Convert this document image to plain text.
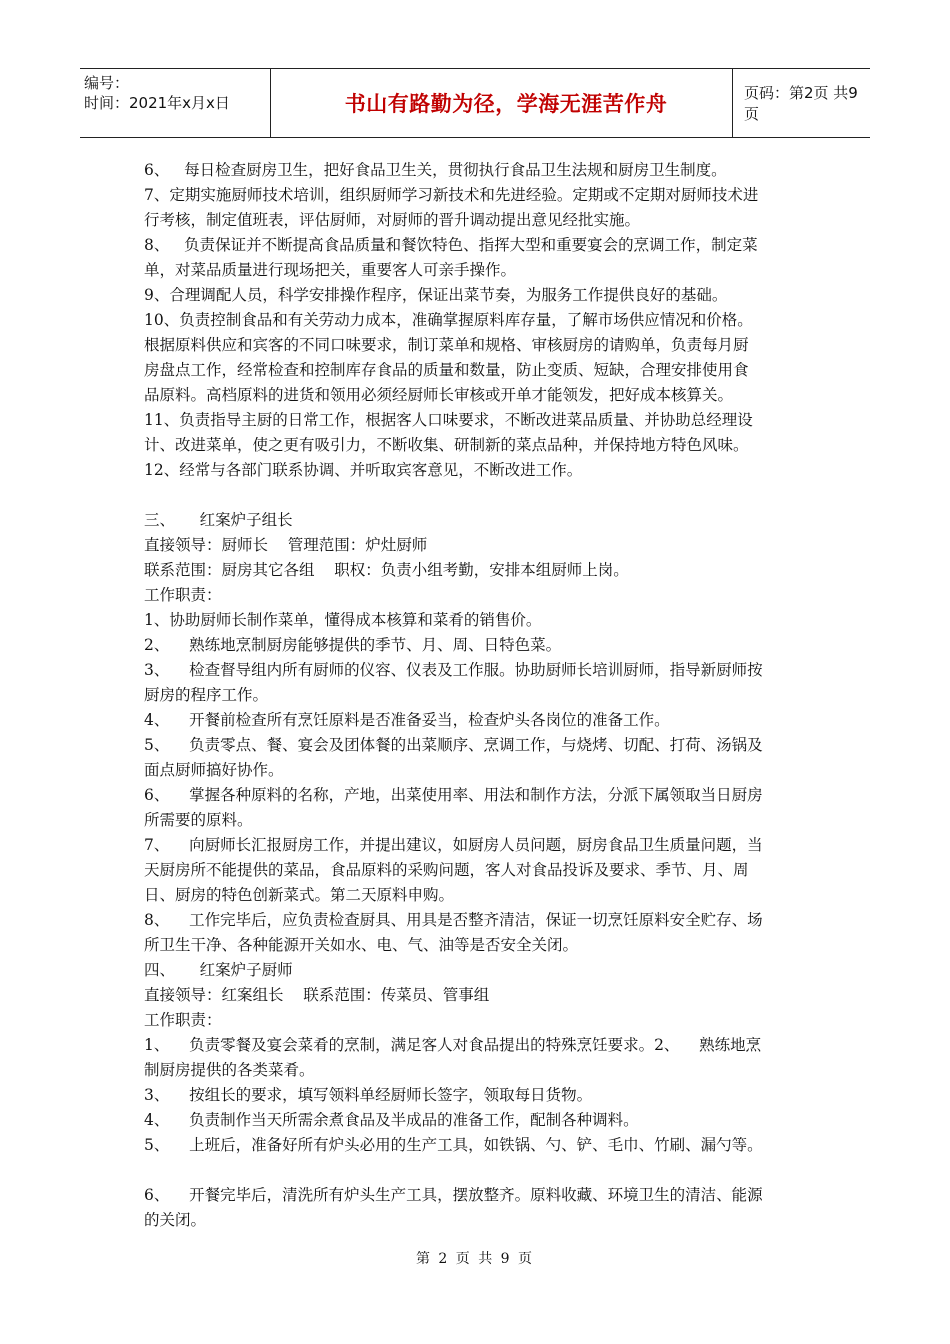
编号：
时间：2021年x月x日	书山有路勤为径，学海无涯苦作舟	页码：第2页 共9页

6、   每日检查厨房卫生，把好食品卫生关，贯彻执行食品卫生法规和厨房卫生制度。

7、定期实施厨师技术培训，组织厨师学习新技术和先进经验。定期或不定期对厨师技术进

行考核，制定值班表，评估厨师，对厨师的晋升调动提出意见经批实施。

8、   负责保证并不断提高食品质量和餐饮特色、指挥大型和重要宴会的烹调工作，制定菜

单，对菜品质量进行现场把关，重要客人可亲手操作。

9、合理调配人员，科学安排操作程序，保证出菜节奏，为服务工作提供良好的基础。

10、负责控制食品和有关劳动力成本，准确掌握原料库存量，了解市场供应情况和价格。

根据原料供应和宾客的不同口味要求，制订菜单和规格、审核厨房的请购单，负责每月厨

房盘点工作，经常检查和控制库存食品的质量和数量，防止变质、短缺，合理安排使用食

品原料。高档原料的进货和领用必须经厨师长审核或开单才能领发，把好成本核算关。

11、负责指导主厨的日常工作，根据客人口味要求，不断改进菜品质量、并协助总经理设

计、改进菜单，使之更有吸引力，不断收集、研制新的菜点品种，并保持地方特色风味。

12、经常与各部门联系协调、并听取宾客意见，不断改进工作。

三、     红案炉子组长

直接领导：厨师长    管理范围：炉灶厨师

联系范围：厨房其它各组    职权：负责小组考勤，安排本组厨师上岗。

工作职责：

1、协助厨师长制作菜单，懂得成本核算和菜肴的销售价。

2、    熟练地烹制厨房能够提供的季节、月、周、日特色菜。

3、    检查督导组内所有厨师的仪容、仪表及工作服。协助厨师长培训厨师，指导新厨师按

厨房的程序工作。

4、    开餐前检查所有烹饪原料是否准备妥当，检查炉头各岗位的准备工作。

5、    负责零点、餐、宴会及团体餐的出菜顺序、烹调工作，与烧烤、切配、打荷、汤锅及

面点厨师搞好协作。

6、    掌握各种原料的名称，产地，出菜使用率、用法和制作方法，分派下属领取当日厨房

所需要的原料。

7、    向厨师长汇报厨房工作，并提出建议，如厨房人员问题，厨房食品卫生质量问题，当

天厨房所不能提供的菜品，食品原料的采购问题，客人对食品投诉及要求、季节、月、周

日、厨房的特色创新菜式。第二天原料申购。

8、    工作完毕后，应负责检查厨具、用具是否整齐清洁，保证一切烹饪原料安全贮存、场

所卫生干净、各种能源开关如水、电、气、油等是否安全关闭。

四、     红案炉子厨师

直接领导：红案组长    联系范围：传菜员、管事组

工作职责：

1、    负责零餐及宴会菜肴的烹制，满足客人对食品提出的特殊烹饪要求。2、    熟练地烹

制厨房提供的各类菜肴。

3、    按组长的要求，填写领料单经厨师长签字，领取每日货物。

4、    负责制作当天所需余煮食品及半成品的准备工作，配制各种调料。

5、    上班后，准备好所有炉头必用的生产工具，如铁锅、勺、铲、毛巾、竹刷、漏勺等。

6、    开餐完毕后，清洗所有炉头生产工具，摆放整齐。原料收藏、环境卫生的清洁、能源

的关闭。

第 2 页 共 9 页
